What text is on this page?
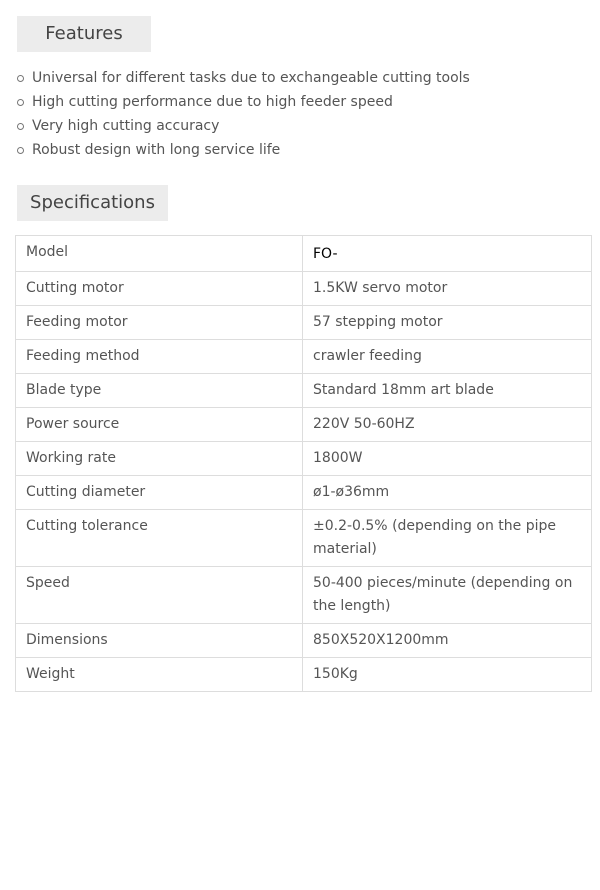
Features
Universal for different tasks due to exchangeable cutting tools
High cutting performance due to high feeder speed
Very high cutting accuracy
Robust design with long service life
Specifications
Model	FO-
Cutting motor	1.5KW servo motor
Feeding motor	57 stepping motor
Feeding method	crawler feeding
Blade type	Standard 18mm art blade
Power source	220V 50-60HZ
Working rate	1800W
Cutting diameter	ø1-ø36mm
Cutting tolerance	±0.2-0.5% (depending on the pipe material)
Speed	50-400 pieces/minute (depending on the length)
Dimensions	850X520X1200mm
Weight	150Kg
